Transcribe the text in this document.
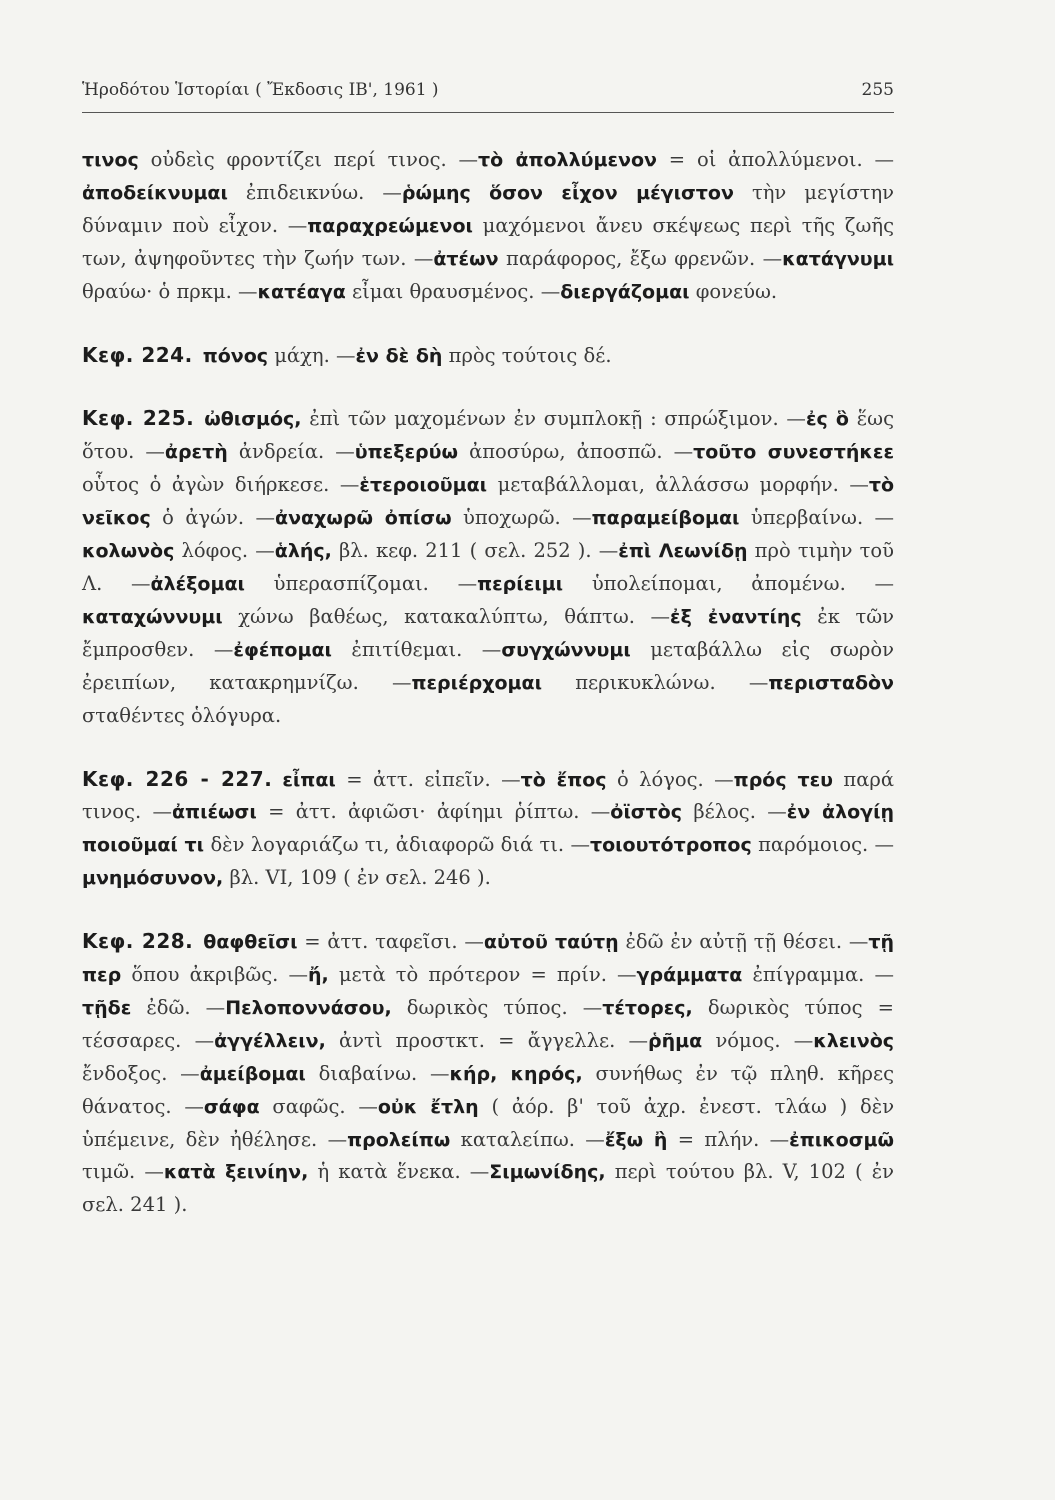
Ἡροδότου Ἱστορίαι ( Ἔκδοσις ΙΒ', 1961 )	255

τινος οὐδεὶς φροντίζει περί τινος. — τὸ ἀπολλύμενον = οἱ ἀπολλύμενοι. — ἀποδείκνυμαι ἐπιδεικνύω. — ῥώμης ὅσον εἶχον μέγιστον τὴν μεγίστην δύναμιν ποὺ εἶχον. — παραχρεώμενοι μαχόμενοι ἄνευ σκέψεως περὶ τῆς ζωῆς των, ἀψηφοῦντες τὴν ζωήν των. — ἀτέων παράφορος, ἔξω φρενῶν. — κατάγνυμι θραύω· ὁ πρκμ. — κατέαγα εἶμαι θραυσμένος. — διεργάζομαι φονεύω.

Κεφ. 224. πόνος μάχη. — ἐν δὲ δὴ πρὸς τούτοις δέ.

Κεφ. 225. ὠθισμός, ἐπὶ τῶν μαχομένων ἐν συμπλοκῇ : σπρώξιμον. — ἐς ὃ ἕως ὅτου. — ἀρετὴ ἀνδρεία. — ὑπεξερύω ἀποσύρω, ἀποσπῶ. — τοῦτο συνεστήκεε οὗτος ὁ ἀγὼν διήρκεσε. — ἑτεροιοῦμαι μεταβάλλομαι, ἀλλάσσω μορφήν. — τὸ νεῖκος ὁ ἀγών. — ἀναχωρῶ ὀπίσω ὑποχωρῶ. — παραμείβομαι ὑπερβαίνω. — κολωνὸς λόφος. — ἁλής, βλ. κεφ. 211 ( σελ. 252 ). — ἐπὶ Λεωνίδῃ πρὸ τιμὴν τοῦ Λ. —	ἀλέξομαι ὑπερασπίζομαι. —	περίειμι ὑπολείπομαι, ἀπομένω. — καταχώννυμι χώνω βαθέως, κατακαλύπτω, θάπτω. — ἐξ ἐναντίης ἐκ τῶν ἔμπροσθεν. — ἐφέπομαι ἐπιτίθεμαι. — συγχώννυμι μεταβάλλω εἰς σωρὸν ἐρειπίων, κατακρημνίζω. —	περιέρχομαι περικυκλώνω. —	περισταδὸν σταθέντες ὁλόγυρα.

Κεφ. 226 - 227. εἶπαι = ἀττ. εἰπεῖν. — τὸ ἔπος ὁ λόγος. — πρός τευ παρά τινος. — ἀπιέωσι = ἀττ. ἀφιῶσι· ἀφίημι ῥίπτω. — ὀϊστὸς βέλος. — ἐν ἀλογίῃ ποιοῦμαί τι δὲν λογαριάζω τι, ἀδιαφορῶ διά τι. — τοιουτότροπος παρόμοιος. — μνημόσυνον, βλ. VI, 109 ( ἐν σελ. 246 ).

Κεφ. 228. θαφθεῖσι = ἀττ. ταφεῖσι. — αὐτοῦ ταύτῃ ἐδῶ ἐν αὐτῇ τῇ θέσει. — τῇ περ ὅπου ἀκριβῶς. — ἤ, μετὰ τὸ πρότερον = πρίν. — γράμματα ἐπίγραμμα. — τῇδε ἐδῶ. — Πελοποννάσου, δωρικὸς τύπος. — τέτορες, δωρικὸς τύπος = τέσσαρες. — ἀγγέλλειν, ἀντὶ προστκτ. = ἄγγελλε. — ῥῆμα νόμος. — κλεινὸς ἔνδοξος. — ἀμείβομαι διαβαίνω. — κήρ, κηρός, συνήθως ἐν τῷ πληθ. κῆρες θάνατος. — σάφα σαφῶς. — οὐκ ἔτλη ( ἀόρ. β' τοῦ ἀχρ. ἐνεστ. τλάω ) δὲν ὑπέμεινε, δὲν ἠθέλησε. — προλείπω καταλείπω. — ἔξω ἢ = πλήν. — ἐπικοσμῶ τιμῶ. — κατὰ ξεινίην, ἡ κατὰ ἕνεκα. — Σιμωνίδης, περὶ τούτου βλ. V, 102 ( ἐν σελ. 241 ).
